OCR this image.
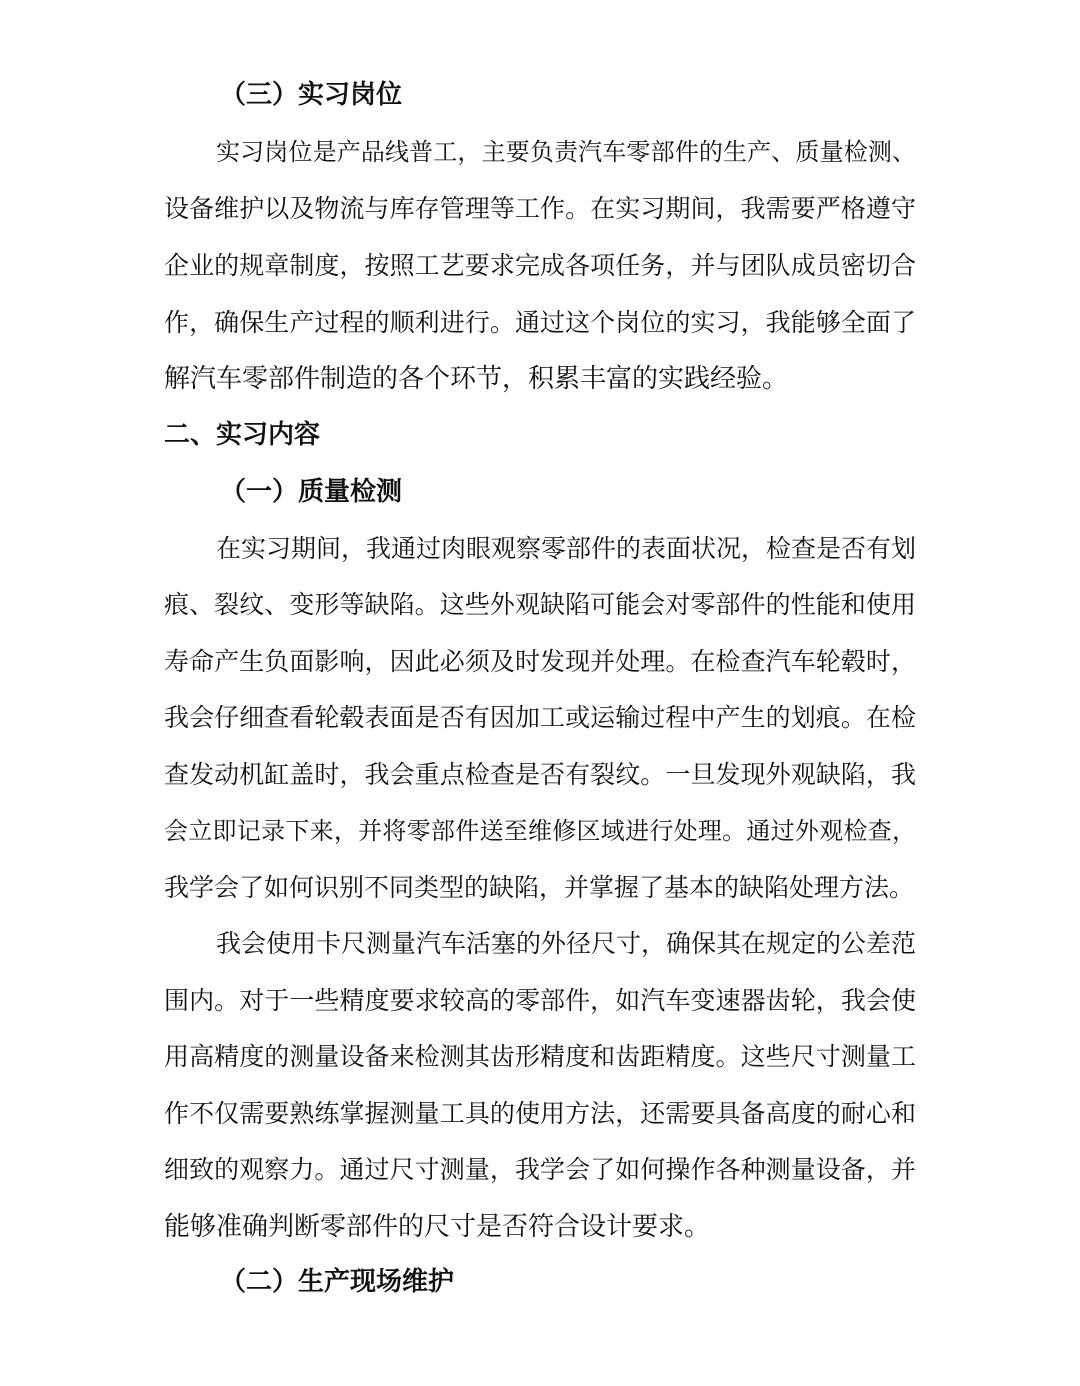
（三）实习岗位

实习岗位是产品线普工，主要负责汽车零部件的生产、质量检测、

设备维护以及物流与库存管理等工作。在实习期间，我需要严格遵守

企业的规章制度，按照工艺要求完成各项任务，并与团队成员密切合

作，确保生产过程的顺利进行。通过这个岗位的实习，我能够全面了

解汽车零部件制造的各个环节，积累丰富的实践经验。

二、实习内容
（一）质量检测

在实习期间，我通过肉眼观察零部件的表面状况，检查是否有划

痕、裂纹、变形等缺陷。这些外观缺陷可能会对零部件的性能和使用

寿命产生负面影响，因此必须及时发现并处理。在检查汽车轮毂时，

我会仔细查看轮毂表面是否有因加工或运输过程中产生的划痕。在检

查发动机缸盖时，我会重点检查是否有裂纹。一旦发现外观缺陷，我

会立即记录下来，并将零部件送至维修区域进行处理。通过外观检查，

我学会了如何识别不同类型的缺陷，并掌握了基本的缺陷处理方法。

我会使用卡尺测量汽车活塞的外径尺寸，确保其在规定的公差范

围内。对于一些精度要求较高的零部件，如汽车变速器齿轮，我会使

用高精度的测量设备来检测其齿形精度和齿距精度。这些尺寸测量工

作不仅需要熟练掌握测量工具的使用方法，还需要具备高度的耐心和

细致的观察力。通过尺寸测量，我学会了如何操作各种测量设备，并

能够准确判断零部件的尺寸是否符合设计要求。

（二）生产现场维护
